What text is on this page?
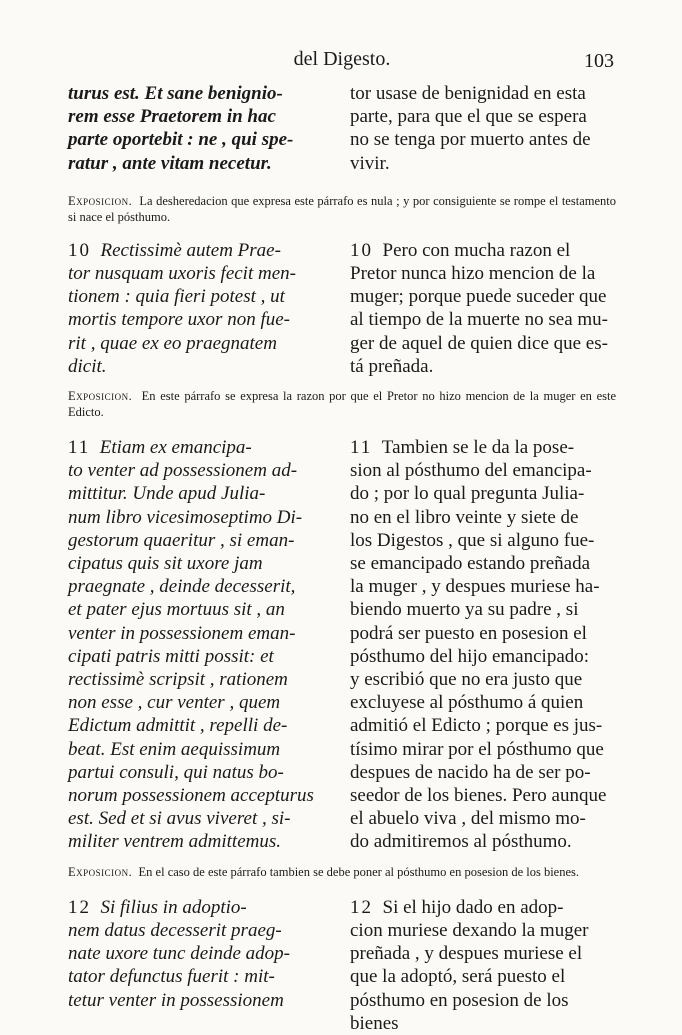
del Digesto.	103
turus est. Et sane benignio-
rem esse Praetorem in hac
parte oportebit : ne , qui spe-
ratur , ante vitam necetur.
tor usase de benignidad en esta
parte, para que el que se espera
no se tenga por muerto antes de
vivir.

Exposicion. La desheredacion que expresa este párrafo es nula ; y por consiguiente se rompe el testamento si nace el pósthumo.

10 Rectissimè autem Prae-
tor nusquam uxoris fecit men-
tionem : quia fieri potest , ut
mortis tempore uxor non fue-
rit , quae ex eo praegnatem
dicit.
10 Pero con mucha razon el
Pretor nunca hizo mencion de la
muger; porque puede suceder que
al tiempo de la muerte no sea mu-
ger de aquel de quien dice que es-
tá preñada.

Exposicion. En este párrafo se expresa la razon por que el Pretor no hizo mencion de la muger en este Edicto.

11 Etiam ex emancipa-
to venter ad possessionem ad-
mittitur. Unde apud Julia-
num libro vicesimoseptimo Di-
gestorum quaeritur , si eman-
cipatus quis sit uxore jam
praegnate , deinde decesserit,
et pater ejus mortuus sit , an
venter in possessionem eman-
cipati patris mitti possit: et
rectissimè scripsit , rationem
non esse , cur venter , quem
Edictum admittit , repelli de-
beat. Est enim aequissimum
partui consuli, qui natus bo-
norum possessionem accepturus
est. Sed et si avus viveret , si-
militer ventrem admittemus.
11 Tambien se le da la pose-
sion al pósthumo del emancipa-
do ; por lo qual pregunta Julia-
no en el libro veinte y siete de
los Digestos , que si alguno fue-
se emancipado estando preñada
la muger , y despues muriese ha-
biendo muerto ya su padre , si
podrá ser puesto en posesion el
pósthumo del hijo emancipado:
y escribió que no era justo que
excluyese al pósthumo á quien
admitió el Edicto ; porque es jus-
tísimo mirar por el pósthumo que
despues de nacido ha de ser po-
seedor de los bienes. Pero aunque
el abuelo viva , del mismo mo-
do admitiremos al pósthumo.

Exposicion. En el caso de este párrafo tambien se debe poner al pósthumo en posesion de los bienes.

12 Si filius in adoptio-
nem datus decesserit praeg-
nate uxore tunc deinde adop-
tator defunctus fuerit : mit-
tetur venter in possessionem
12 Si el hijo dado en adop-
cion muriese dexando la muger
preñada , y despues muriese el
que la adoptó, será puesto el pósthumo en posesion de los bienes
